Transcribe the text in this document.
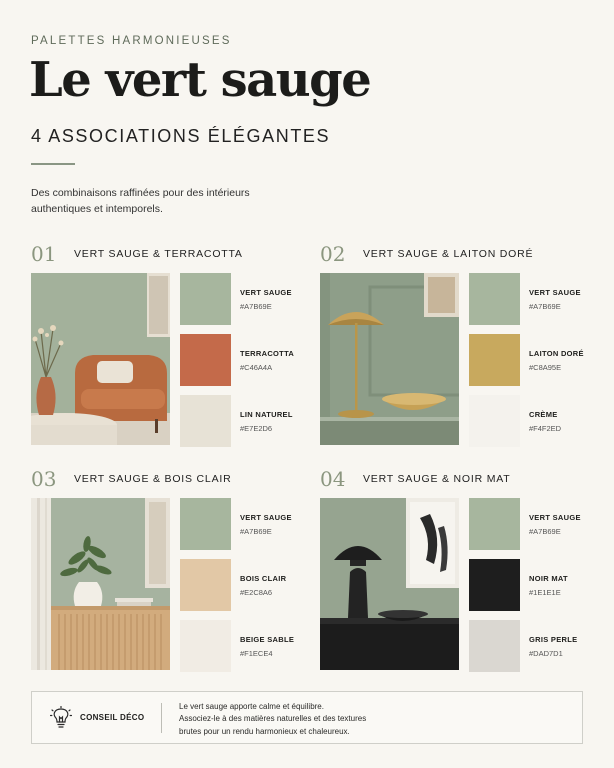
PALETTES HARMONIEUSES
Le vert sauge
4 ASSOCIATIONS ÉLÉGANTES
Des combinaisons raffinées pour des intérieurs
authentiques et intemporels.
01	VERT SAUGE & TERRACOTTA
VERT SAUGE
#A7B69E
TERRACOTTA
#C46A4A
LIN NATUREL
#E7E2D6
02	VERT SAUGE & LAITON DORÉ
VERT SAUGE
#A7B69E
LAITON DORÉ
#C8A95E
CRÈME
#F4F2ED
03	VERT SAUGE & BOIS CLAIR
VERT SAUGE
#A7B69E
BOIS CLAIR
#E2C8A6
BEIGE SABLE
#F1ECE4
04	VERT SAUGE & NOIR MAT
VERT SAUGE
#A7B69E
NOIR MAT
#1E1E1E
GRIS PERLE
#DAD7D1
CONSEIL DÉCO
Le vert sauge apporte calme et équilibre.
Associez-le à des matières naturelles et des textures
brutes pour un rendu harmonieux et chaleureux.
